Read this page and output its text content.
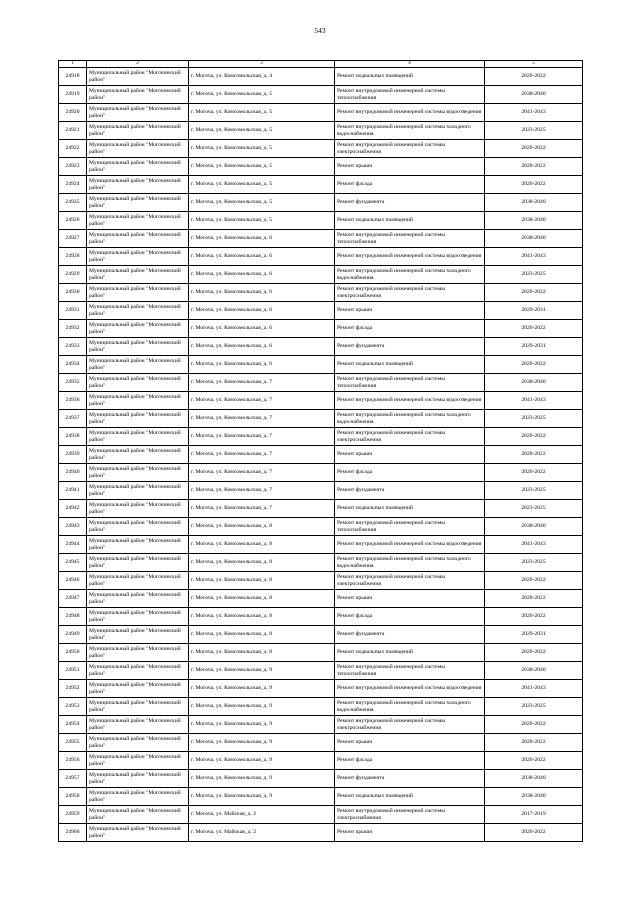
543
1	2	3	4	5
24918	Муниципальный район "Могочинский район"	г. Могоча, ул. Комсомольская, д. 4	Ремонт подвальных помещений	2020-2022
24919	Муниципальный район "Могочинский район"	г. Могоча, ул. Комсомольская, д. 5	Ремонт внутридомовой инженерной системы теплоснабжения	2038-2040
24920	Муниципальный район "Могочинский район"	г. Могоча, ул. Комсомольская, д. 5	Ремонт внутридомовой инженерной системы водоотведения	2041-2043
24921	Муниципальный район "Могочинский район"	г. Могоча, ул. Комсомольская, д. 5	Ремонт внутридомовой инженерной системы холодного водоснабжения	2023-2025
24922	Муниципальный район "Могочинский район"	г. Могоча, ул. Комсомольская, д. 5	Ремонт внутридомовой инженерной системы электроснабжения	2020-2022
24923	Муниципальный район "Могочинский район"	г. Могоча, ул. Комсомольская, д. 5	Ремонт крыши	2020-2022
24924	Муниципальный район "Могочинский район"	г. Могоча, ул. Комсомольская, д. 5	Ремонт фасада	2020-2022
24925	Муниципальный район "Могочинский район"	г. Могоча, ул. Комсомольская, д. 5	Ремонт фундамента	2038-2040
24926	Муниципальный район "Могочинский район"	г. Могоча, ул. Комсомольская, д. 5	Ремонт подвальных помещений	2038-2040
24927	Муниципальный район "Могочинский район"	г. Могоча, ул. Комсомольская, д. 6	Ремонт внутридомовой инженерной системы теплоснабжения	2038-2040
24928	Муниципальный район "Могочинский район"	г. Могоча, ул. Комсомольская, д. 6	Ремонт внутридомовой инженерной системы водоотведения	2041-2043
24929	Муниципальный район "Могочинский район"	г. Могоча, ул. Комсомольская, д. 6	Ремонт внутридомовой инженерной системы холодного водоснабжения	2023-2025
24930	Муниципальный район "Могочинский район"	г. Могоча, ул. Комсомольская, д. 6	Ремонт внутридомовой инженерной системы электроснабжения	2020-2022
24931	Муниципальный район "Могочинский район"	г. Могоча, ул. Комсомольская, д. 6	Ремонт крыши	2029-2031
24932	Муниципальный район "Могочинский район"	г. Могоча, ул. Комсомольская, д. 6	Ремонт фасада	2020-2022
24933	Муниципальный район "Могочинский район"	г. Могоча, ул. Комсомольская, д. 6	Ремонт фундамента	2029-2031
24934	Муниципальный район "Могочинский район"	г. Могоча, ул. Комсомольская, д. 6	Ремонт подвальных помещений	2020-2022
24935	Муниципальный район "Могочинский район"	г. Могоча, ул. Комсомольская, д. 7	Ремонт внутридомовой инженерной системы теплоснабжения	2038-2040
24936	Муниципальный район "Могочинский район"	г. Могоча, ул. Комсомольская, д. 7	Ремонт внутридомовой инженерной системы водоотведения	2041-2043
24937	Муниципальный район "Могочинский район"	г. Могоча, ул. Комсомольская, д. 7	Ремонт внутридомовой инженерной системы холодного водоснабжения	2023-2025
24938	Муниципальный район "Могочинский район"	г. Могоча, ул. Комсомольская, д. 7	Ремонт внутридомовой инженерной системы электроснабжения	2020-2022
24939	Муниципальный район "Могочинский район"	г. Могоча, ул. Комсомольская, д. 7	Ремонт крыши	2020-2022
24940	Муниципальный район "Могочинский район"	г. Могоча, ул. Комсомольская, д. 7	Ремонт фасада	2020-2022
24941	Муниципальный район "Могочинский район"	г. Могоча, ул. Комсомольская, д. 7	Ремонт фундамента	2023-2025
24942	Муниципальный район "Могочинский район"	г. Могоча, ул. Комсомольская, д. 7	Ремонт подвальных помещений	2023-2025
24943	Муниципальный район "Могочинский район"	г. Могоча, ул. Комсомольская, д. 8	Ремонт внутридомовой инженерной системы теплоснабжения	2038-2040
24944	Муниципальный район "Могочинский район"	г. Могоча, ул. Комсомольская, д. 8	Ремонт внутридомовой инженерной системы водоотведения	2041-2043
24945	Муниципальный район "Могочинский район"	г. Могоча, ул. Комсомольская, д. 8	Ремонт внутридомовой инженерной системы холодного водоснабжения	2023-2025
24946	Муниципальный район "Могочинский район"	г. Могоча, ул. Комсомольская, д. 8	Ремонт внутридомовой инженерной системы электроснабжения	2020-2022
24947	Муниципальный район "Могочинский район"	г. Могоча, ул. Комсомольская, д. 8	Ремонт крыши	2020-2022
24948	Муниципальный район "Могочинский район"	г. Могоча, ул. Комсомольская, д. 8	Ремонт фасада	2020-2022
24949	Муниципальный район "Могочинский район"	г. Могоча, ул. Комсомольская, д. 8	Ремонт фундамента	2029-2031
24950	Муниципальный район "Могочинский район"	г. Могоча, ул. Комсомольская, д. 8	Ремонт подвальных помещений	2020-2022
24951	Муниципальный район "Могочинский район"	г. Могоча, ул. Комсомольская, д. 9	Ремонт внутридомовой инженерной системы теплоснабжения	2038-2040
24952	Муниципальный район "Могочинский район"	г. Могоча, ул. Комсомольская, д. 9	Ремонт внутридомовой инженерной системы водоотведения	2041-2043
24953	Муниципальный район "Могочинский район"	г. Могоча, ул. Комсомольская, д. 9	Ремонт внутридомовой инженерной системы холодного водоснабжения	2023-2025
24954	Муниципальный район "Могочинский район"	г. Могоча, ул. Комсомольская, д. 9	Ремонт внутридомовой инженерной системы электроснабжения	2020-2022
24955	Муниципальный район "Могочинский район"	г. Могоча, ул. Комсомольская, д. 9	Ремонт крыши	2020-2022
24956	Муниципальный район "Могочинский район"	г. Могоча, ул. Комсомольская, д. 9	Ремонт фасада	2020-2022
24957	Муниципальный район "Могочинский район"	г. Могоча, ул. Комсомольская, д. 9	Ремонт фундамента	2038-2040
24958	Муниципальный район "Могочинский район"	г. Могоча, ул. Комсомольская, д. 9	Ремонт подвальных помещений	2038-2040
24959	Муниципальный район "Могочинский район"	г. Могоча, ул. Майская, д. 2	Ремонт внутридомовой инженерной системы электроснабжения	2017-2019
24960	Муниципальный район "Могочинский район"	г. Могоча, ул. Майская, д. 2	Ремонт крыши	2020-2022
